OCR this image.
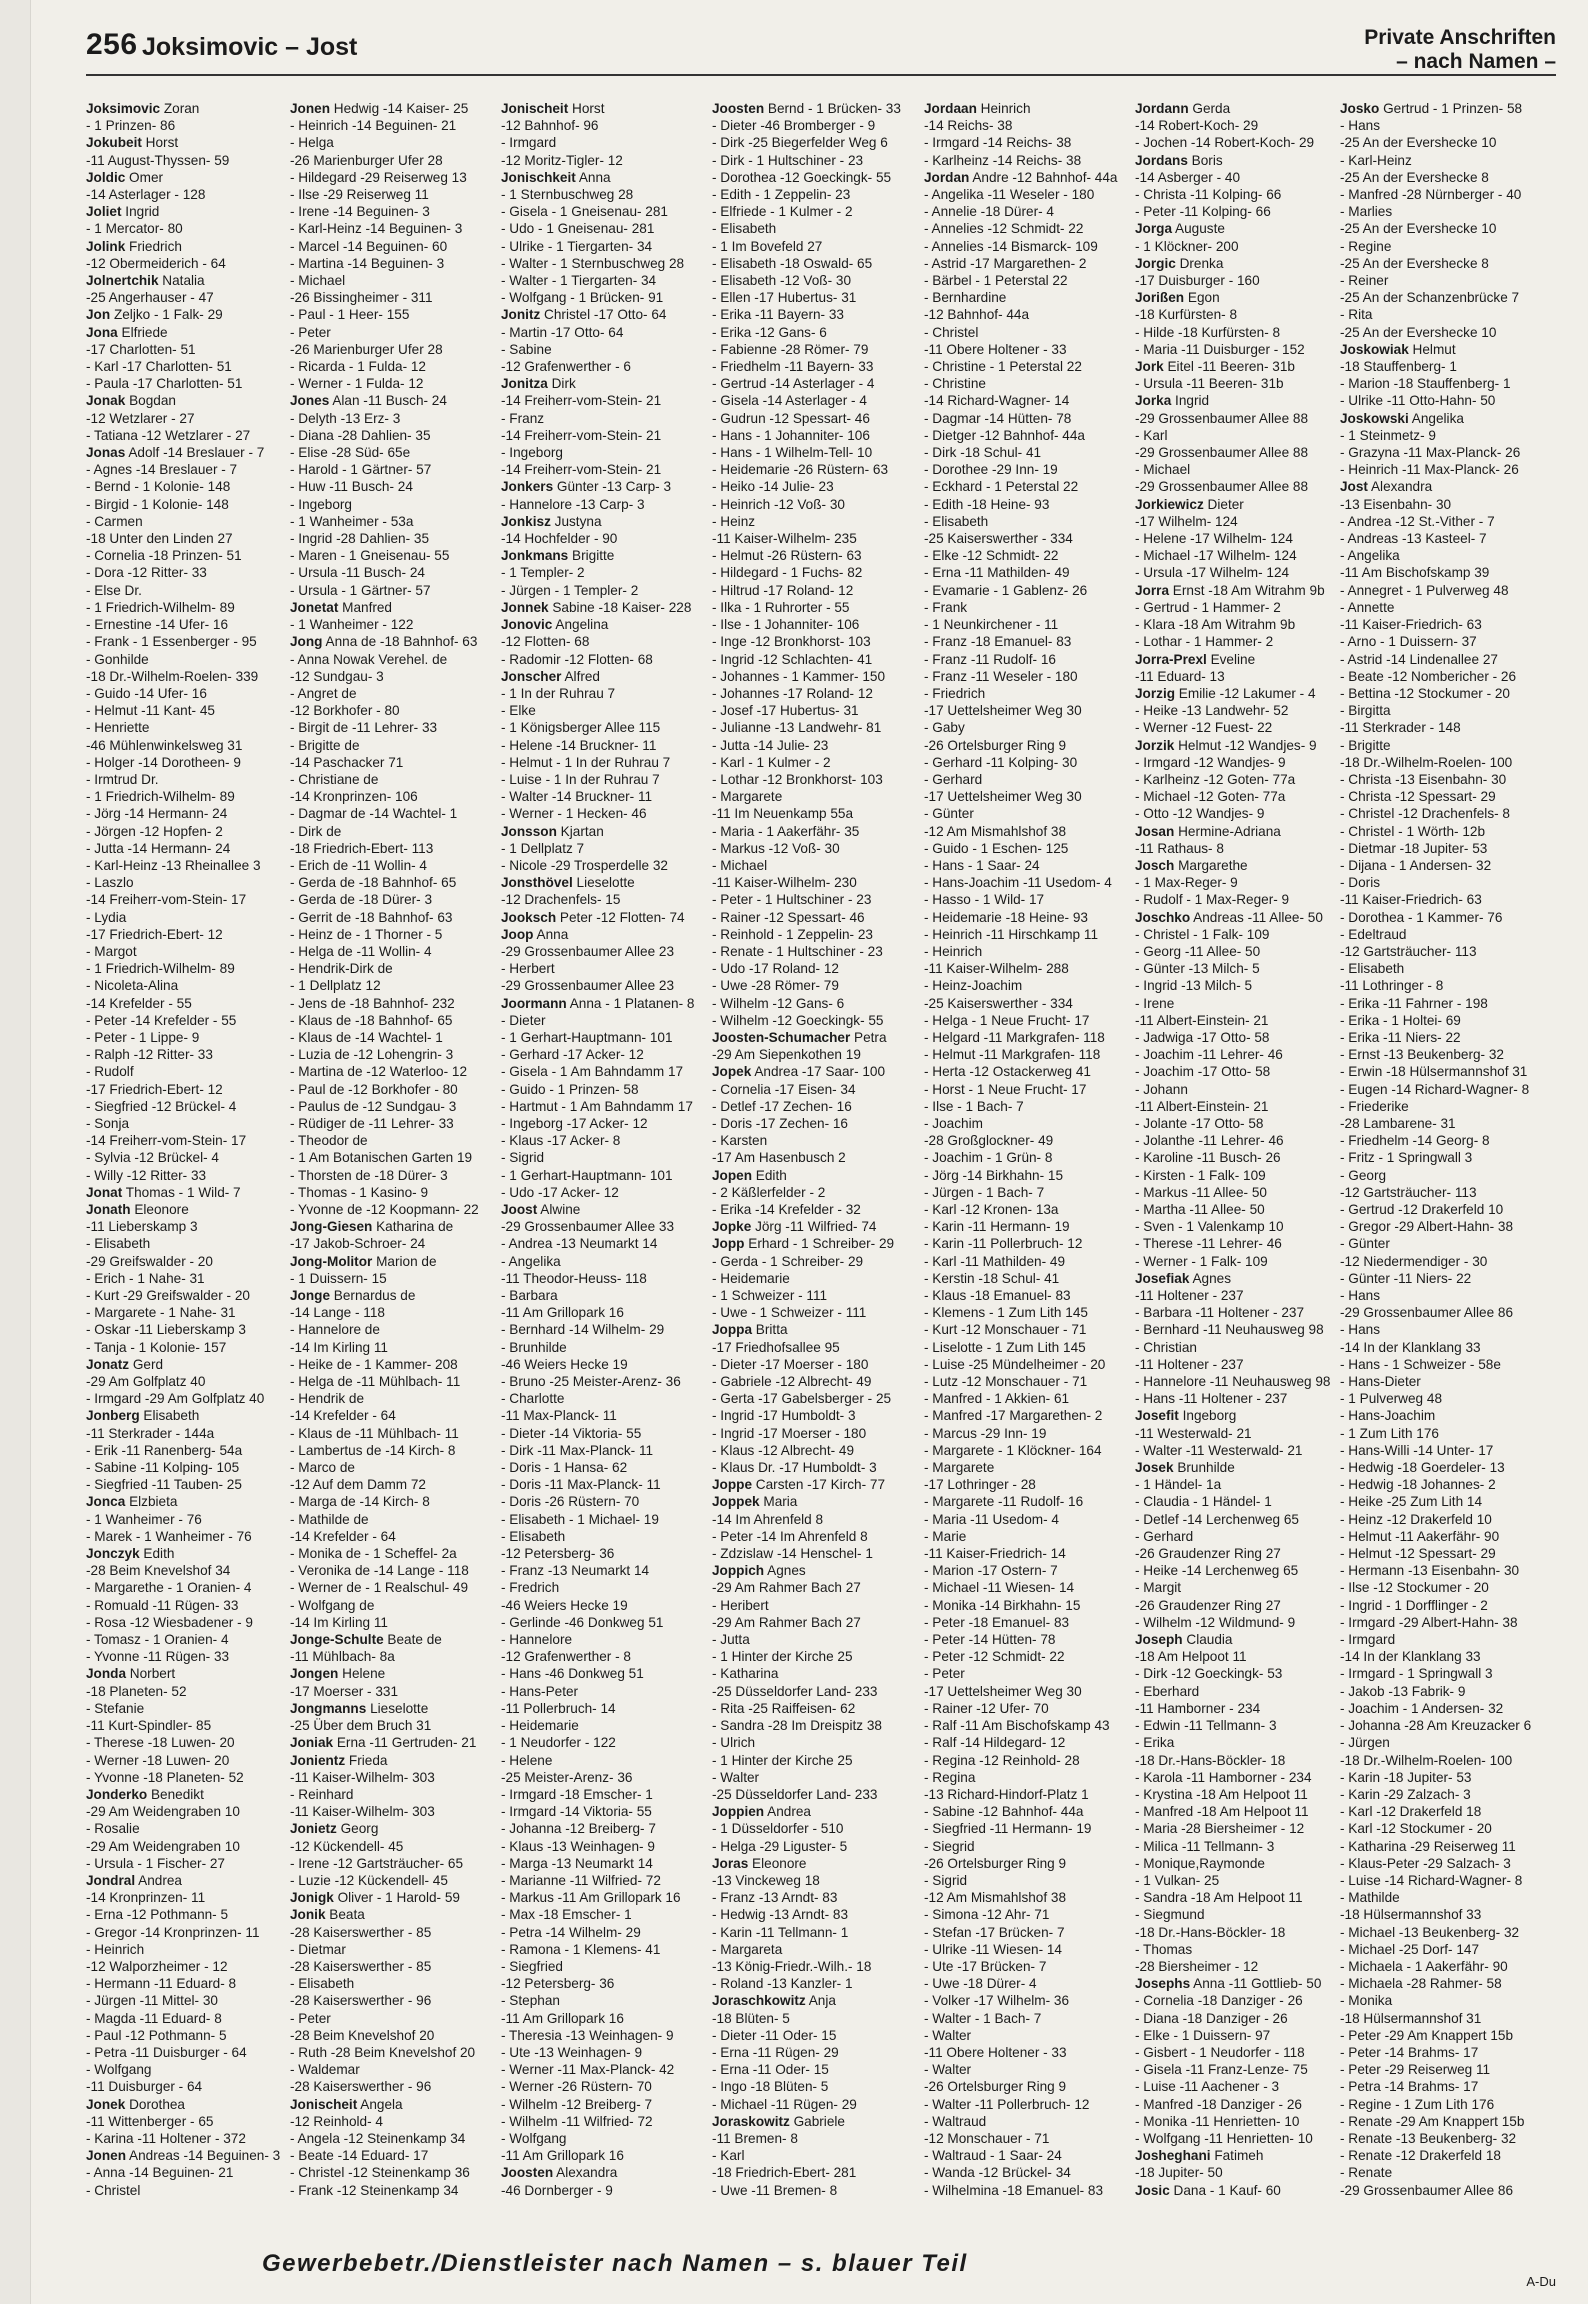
256 Joksimovic – Jost	Private Anschriften
– nach Namen –
Joksimovic Zoran
- 1 Prinzen- 86
Jokubeit Horst
-11 August-Thyssen- 59
Joldic Omer
-14 Asterlager - 128
Joliet Ingrid
- 1 Mercator- 80
Jolink Friedrich
-12 Obermeiderich - 64
Jolnertchik Natalia
-25 Angerhauser - 47
Jon Zeljko - 1 Falk- 29
Jona Elfriede
-17 Charlotten- 51
- Karl -17 Charlotten- 51
- Paula -17 Charlotten- 51
Jonak Bogdan
-12 Wetzlarer - 27
- Tatiana -12 Wetzlarer - 27
Jonas Adolf -14 Breslauer - 7
- Agnes -14 Breslauer - 7
- Bernd - 1 Kolonie- 148
- Birgid - 1 Kolonie- 148
- Carmen
-18 Unter den Linden 27
- Cornelia -18 Prinzen- 51
- Dora -12 Ritter- 33
- Else Dr.
- 1 Friedrich-Wilhelm- 89
- Ernestine -14 Ufer- 16
- Frank - 1 Essenberger - 95
- Gonhilde
-18 Dr.-Wilhelm-Roelen- 339
- Guido -14 Ufer- 16
- Helmut -11 Kant- 45
- Henriette
-46 Mühlenwinkelsweg 31
- Holger -14 Dorotheen- 9
- Irmtrud Dr.
- 1 Friedrich-Wilhelm- 89
- Jörg -14 Hermann- 24
- Jörgen -12 Hopfen- 2
- Jutta -14 Hermann- 24
- Karl-Heinz -13 Rheinallee 3
- Laszlo
-14 Freiherr-vom-Stein- 17
- Lydia
-17 Friedrich-Ebert- 12
- Margot
- 1 Friedrich-Wilhelm- 89
- Nicoleta-Alina
-14 Krefelder - 55
- Peter -14 Krefelder - 55
- Peter - 1 Lippe- 9
- Ralph -12 Ritter- 33
- Rudolf
-17 Friedrich-Ebert- 12
- Siegfried -12 Brückel- 4
- Sonja
-14 Freiherr-vom-Stein- 17
- Sylvia -12 Brückel- 4
- Willy -12 Ritter- 33
Jonat Thomas - 1 Wild- 7
Jonath Eleonore
-11 Lieberskamp 3
- Elisabeth
-29 Greifswalder - 20
- Erich - 1 Nahe- 31
- Kurt -29 Greifswalder - 20
- Margarete - 1 Nahe- 31
- Oskar -11 Lieberskamp 3
- Tanja - 1 Kolonie- 157
Jonatz Gerd
-29 Am Golfplatz 40
- Irmgard -29 Am Golfplatz 40
Jonberg Elisabeth
-11 Sterkrader - 144a
- Erik -11 Ranenberg- 54a
- Sabine -11 Kolping- 105
- Siegfried -11 Tauben- 25
Jonca Elzbieta
- 1 Wanheimer - 76
- Marek - 1 Wanheimer - 76
Jonczyk Edith
-28 Beim Knevelshof 34
- Margarethe - 1 Oranien- 4
- Romuald -11 Rügen- 33
- Rosa -12 Wiesbadener - 9
- Tomasz - 1 Oranien- 4
- Yvonne -11 Rügen- 33
Jonda Norbert
-18 Planeten- 52
- Stefanie
-11 Kurt-Spindler- 85
- Therese -18 Luwen- 20
- Werner -18 Luwen- 20
- Yvonne -18 Planeten- 52
Jonderko Benedikt
-29 Am Weidengraben 10
- Rosalie
-29 Am Weidengraben 10
- Ursula - 1 Fischer- 27
Jondral Andrea
-14 Kronprinzen- 11
- Erna -12 Pothmann- 5
- Gregor -14 Kronprinzen- 11
- Heinrich
-12 Walporzheimer - 12
- Hermann -11 Eduard- 8
- Jürgen -11 Mittel- 30
- Magda -11 Eduard- 8
- Paul -12 Pothmann- 5
- Petra -11 Duisburger - 64
- Wolfgang
-11 Duisburger - 64
Jonek Dorothea
-11 Wittenberger - 65
- Karina -11 Holtener - 372
Jonen Andreas -14 Beguinen- 3
- Anna -14 Beguinen- 21
- Christel
Jonen Hedwig -14 Kaiser- 25
- Heinrich -14 Beguinen- 21
- Helga
-26 Marienburger Ufer 28
- Hildegard -29 Reiserweg 13
- Ilse -29 Reiserweg 11
- Irene -14 Beguinen- 3
- Karl-Heinz -14 Beguinen- 3
- Marcel -14 Beguinen- 60
- Martina -14 Beguinen- 3
- Michael
-26 Bissingheimer - 311
- Paul - 1 Heer- 155
- Peter
-26 Marienburger Ufer 28
- Ricarda - 1 Fulda- 12
- Werner - 1 Fulda- 12
Jones Alan -11 Busch- 24
- Delyth -13 Erz- 3
- Diana -28 Dahlien- 35
- Elise -28 Süd- 65e
- Harold - 1 Gärtner- 57
- Huw -11 Busch- 24
- Ingeborg
- 1 Wanheimer - 53a
- Ingrid -28 Dahlien- 35
- Maren - 1 Gneisenau- 55
- Ursula -11 Busch- 24
- Ursula - 1 Gärtner- 57
Jonetat Manfred
- 1 Wanheimer - 122
Jong Anna de -18 Bahnhof- 63
- Anna Nowak Verehel. de
-12 Sundgau- 3
- Angret de
-12 Borkhofer - 80
- Birgit de -11 Lehrer- 33
- Brigitte de
-14 Paschacker 71
- Christiane de
-14 Kronprinzen- 106
- Dagmar de -14 Wachtel- 1
- Dirk de
-18 Friedrich-Ebert- 113
- Erich de -11 Wollin- 4
- Gerda de -18 Bahnhof- 65
- Gerda de -18 Dürer- 3
- Gerrit de -18 Bahnhof- 63
- Heinz de - 1 Thorner - 5
- Helga de -11 Wollin- 4
- Hendrik-Dirk de
- 1 Dellplatz 12
- Jens de -18 Bahnhof- 232
- Klaus de -18 Bahnhof- 65
- Klaus de -14 Wachtel- 1
- Luzia de -12 Lohengrin- 3
- Martina de -12 Waterloo- 12
- Paul de -12 Borkhofer - 80
- Paulus de -12 Sundgau- 3
- Rüdiger de -11 Lehrer- 33
- Theodor de
- 1 Am Botanischen Garten 19
- Thorsten de -18 Dürer- 3
- Thomas - 1 Kasino- 9
- Yvonne de -12 Koopmann- 22
Jong-Giesen Katharina de
-17 Jakob-Schroer- 24
Jong-Molitor Marion de
- 1 Duissern- 15
Jonge Bernardus de
-14 Lange - 118
- Hannelore de
-14 Im Kirling 11
- Heike de - 1 Kammer- 208
- Helga de -11 Mühlbach- 11
- Hendrik de
-14 Krefelder - 64
- Klaus de -11 Mühlbach- 11
- Lambertus de -14 Kirch- 8
- Marco de
-12 Auf dem Damm 72
- Marga de -14 Kirch- 8
- Mathilde de
-14 Krefelder - 64
- Monika de - 1 Scheffel- 2a
- Veronika de -14 Lange - 118
- Werner de - 1 Realschul- 49
- Wolfgang de
-14 Im Kirling 11
Jonge-Schulte Beate de
-11 Mühlbach- 8a
Jongen Helene
-17 Moerser - 331
Jongmanns Lieselotte
-25 Über dem Bruch 31
Joniak Erna -11 Gertruden- 21
Jonientz Frieda
-11 Kaiser-Wilhelm- 303
- Reinhard
-11 Kaiser-Wilhelm- 303
Jonietz Georg
-12 Kückendell- 45
- Irene -12 Gartsträucher- 65
- Luzie -12 Kückendell- 45
Jonigk Oliver - 1 Harold- 59
Jonik Beata
-28 Kaiserswerther - 85
- Dietmar
-28 Kaiserswerther - 85
- Elisabeth
-28 Kaiserswerther - 96
- Peter
-28 Beim Knevelshof 20
- Ruth -28 Beim Knevelshof 20
- Waldemar
-28 Kaiserswerther - 96
Jonischeit Angela
-12 Reinhold- 4
- Angela -12 Steinenkamp 34
- Beate -14 Eduard- 17
- Christel -12 Steinenkamp 36
- Frank -12 Steinenkamp 34
Jonischeit Horst
-12 Bahnhof- 96
- Irmgard
-12 Moritz-Tigler- 12
Jonischkeit Anna
- 1 Sternbuschweg 28
- Gisela - 1 Gneisenau- 281
- Udo - 1 Gneisenau- 281
- Ulrike - 1 Tiergarten- 34
- Walter - 1 Sternbuschweg 28
- Walter - 1 Tiergarten- 34
- Wolfgang - 1 Brücken- 91
Jonitz Christel -17 Otto- 64
- Martin -17 Otto- 64
- Sabine
-12 Grafenwerther - 6
Jonitza Dirk
-14 Freiherr-vom-Stein- 21
- Franz
-14 Freiherr-vom-Stein- 21
- Ingeborg
-14 Freiherr-vom-Stein- 21
Jonkers Günter -13 Carp- 3
- Hannelore -13 Carp- 3
Jonkisz Justyna
-14 Hochfelder - 90
Jonkmans Brigitte
- 1 Templer- 2
- Jürgen - 1 Templer- 2
Jonnek Sabine -18 Kaiser- 228
Jonovic Angelina
-12 Flotten- 68
- Radomir -12 Flotten- 68
Jonscher Alfred
- 1 In der Ruhrau 7
- Elke
- 1 Königsberger Allee 115
- Helene -14 Bruckner- 11
- Helmut - 1 In der Ruhrau 7
- Luise - 1 In der Ruhrau 7
- Walter -14 Bruckner- 11
- Werner - 1 Hecken- 46
Jonsson Kjartan
- 1 Dellplatz 7
- Nicole -29 Trosperdelle 32
Jonsthövel Lieselotte
-12 Drachenfels- 15
Jooksch Peter -12 Flotten- 74
Joop Anna
-29 Grossenbaumer Allee 23
- Herbert
-29 Grossenbaumer Allee 23
Joormann Anna - 1 Platanen- 8
- Dieter
- 1 Gerhart-Hauptmann- 101
- Gerhard -17 Acker- 12
- Gisela - 1 Am Bahndamm 17
- Guido - 1 Prinzen- 58
- Hartmut - 1 Am Bahndamm 17
- Ingeborg -17 Acker- 12
- Klaus -17 Acker- 8
- Sigrid
- 1 Gerhart-Hauptmann- 101
- Udo -17 Acker- 12
Joost Alwine
-29 Grossenbaumer Allee 33
- Andrea -13 Neumarkt 14
- Angelika
-11 Theodor-Heuss- 118
- Barbara
-11 Am Grillopark 16
- Bernhard -14 Wilhelm- 29
- Brunhilde
-46 Weiers Hecke 19
- Bruno -25 Meister-Arenz- 36
- Charlotte
-11 Max-Planck- 11
- Dieter -14 Viktoria- 55
- Dirk -11 Max-Planck- 11
- Doris - 1 Hansa- 62
- Doris -11 Max-Planck- 11
- Doris -26 Rüstern- 70
- Elisabeth - 1 Michael- 19
- Elisabeth
-12 Petersberg- 36
- Franz -13 Neumarkt 14
- Fredrich
-46 Weiers Hecke 19
- Gerlinde -46 Donkweg 51
- Hannelore
-12 Grafenwerther - 8
- Hans -46 Donkweg 51
- Hans-Peter
-11 Pollerbruch- 14
- Heidemarie
- 1 Neudorfer - 122
- Helene
-25 Meister-Arenz- 36
- Irmgard -18 Emscher- 1
- Irmgard -14 Viktoria- 55
- Johanna -12 Breiberg- 7
- Klaus -13 Weinhagen- 9
- Marga -13 Neumarkt 14
- Marianne -11 Wilfried- 72
- Markus -11 Am Grillopark 16
- Max -18 Emscher- 1
- Petra -14 Wilhelm- 29
- Ramona - 1 Klemens- 41
- Siegfried
-12 Petersberg- 36
- Stephan
-11 Am Grillopark 16
- Theresia -13 Weinhagen- 9
- Ute -13 Weinhagen- 9
- Werner -11 Max-Planck- 42
- Werner -26 Rüstern- 70
- Wilhelm -12 Breiberg- 7
- Wilhelm -11 Wilfried- 72
- Wolfgang
-11 Am Grillopark 16
Joosten Alexandra
-46 Dornberger - 9
Joosten Bernd - 1 Brücken- 33
- Dieter -46 Bromberger - 9
- Dirk -25 Biegerfelder Weg 6
- Dirk - 1 Hultschiner - 23
- Dorothea -12 Goeckingk- 55
- Edith - 1 Zeppelin- 23
- Elfriede - 1 Kulmer - 2
- Elisabeth
- 1 Im Bovefeld 27
- Elisabeth -18 Oswald- 65
- Elisabeth -12 Voß- 30
- Ellen -17 Hubertus- 31
- Erika -11 Bayern- 33
- Erika -12 Gans- 6
- Fabienne -28 Römer- 79
- Friedhelm -11 Bayern- 33
- Gertrud -14 Asterlager - 4
- Gisela -14 Asterlager - 4
- Gudrun -12 Spessart- 46
- Hans - 1 Johanniter- 106
- Hans - 1 Wilhelm-Tell- 10
- Heidemarie -26 Rüstern- 63
- Heiko -14 Julie- 23
- Heinrich -12 Voß- 30
- Heinz
-11 Kaiser-Wilhelm- 235
- Helmut -26 Rüstern- 63
- Hildegard - 1 Fuchs- 82
- Hiltrud -17 Roland- 12
- Ilka - 1 Ruhrorter - 55
- Ilse - 1 Johanniter- 106
- Inge -12 Bronkhorst- 103
- Ingrid -12 Schlachten- 41
- Johannes - 1 Kammer- 150
- Johannes -17 Roland- 12
- Josef -17 Hubertus- 31
- Julianne -13 Landwehr- 81
- Jutta -14 Julie- 23
- Karl - 1 Kulmer - 2
- Lothar -12 Bronkhorst- 103
- Margarete
-11 Im Neuenkamp 55a
- Maria - 1 Aakerfähr- 35
- Markus -12 Voß- 30
- Michael
-11 Kaiser-Wilhelm- 230
- Peter - 1 Hultschiner - 23
- Rainer -12 Spessart- 46
- Reinhold - 1 Zeppelin- 23
- Renate - 1 Hultschiner - 23
- Udo -17 Roland- 12
- Uwe -28 Römer- 79
- Wilhelm -12 Gans- 6
- Wilhelm -12 Goeckingk- 55
Joosten-Schumacher Petra
-29 Am Siepenkothen 19
Jopek Andrea -17 Saar- 100
- Cornelia -17 Eisen- 34
- Detlef -17 Zechen- 16
- Doris -17 Zechen- 16
- Karsten
-17 Am Hasenbusch 2
Jopen Edith
- 2 Käßlerfelder - 2
- Erika -14 Krefelder - 32
Jopke Jörg -11 Wilfried- 74
Jopp Erhard - 1 Schreiber- 29
- Gerda - 1 Schreiber- 29
- Heidemarie
- 1 Schweizer - 111
- Uwe - 1 Schweizer - 111
Joppa Britta
-17 Friedhofsallee 95
- Dieter -17 Moerser - 180
- Gabriele -12 Albrecht- 49
- Gerta -17 Gabelsberger - 25
- Ingrid -17 Humboldt- 3
- Ingrid -17 Moerser - 180
- Klaus -12 Albrecht- 49
- Klaus Dr. -17 Humboldt- 3
Joppe Carsten -17 Kirch- 77
Joppek Maria
-14 Im Ahrenfeld 8
- Peter -14 Im Ahrenfeld 8
- Zdzislaw -14 Henschel- 1
Joppich Agnes
-29 Am Rahmer Bach 27
- Heribert
-29 Am Rahmer Bach 27
- Jutta
- 1 Hinter der Kirche 25
- Katharina
-25 Düsseldorfer Land- 233
- Rita -25 Raiffeisen- 62
- Sandra -28 Im Dreispitz 38
- Ulrich
- 1 Hinter der Kirche 25
- Walter
-25 Düsseldorfer Land- 233
Joppien Andrea
- 1 Düsseldorfer - 510
- Helga -29 Liguster- 5
Joras Eleonore
-13 Vinckeweg 18
- Franz -13 Arndt- 83
- Hedwig -13 Arndt- 83
- Karin -11 Tellmann- 1
- Margareta
-13 König-Friedr.-Wilh.- 18
- Roland -13 Kanzler- 1
Joraschkowitz Anja
-18 Blüten- 5
- Dieter -11 Oder- 15
- Erna -11 Rügen- 29
- Erna -11 Oder- 15
- Ingo -18 Blüten- 5
- Michael -11 Rügen- 29
Joraskowitz Gabriele
-11 Bremen- 8
- Karl
-18 Friedrich-Ebert- 281
- Uwe -11 Bremen- 8
Jordaan Heinrich
-14 Reichs- 38
- Irmgard -14 Reichs- 38
- Karlheinz -14 Reichs- 38
Jordan Andre -12 Bahnhof- 44a
- Angelika -11 Weseler - 180
- Annelie -18 Dürer- 4
- Annelies -12 Schmidt- 22
- Annelies -14 Bismarck- 109
- Astrid -17 Margarethen- 2
- Bärbel - 1 Peterstal 22
- Bernhardine
-12 Bahnhof- 44a
- Christel
-11 Obere Holtener - 33
- Christine - 1 Peterstal 22
- Christine
-14 Richard-Wagner- 14
- Dagmar -14 Hütten- 78
- Dietger -12 Bahnhof- 44a
- Dirk -18 Schul- 41
- Dorothee -29 Inn- 19
- Eckhard - 1 Peterstal 22
- Edith -18 Heine- 93
- Elisabeth
-25 Kaiserswerther - 334
- Elke -12 Schmidt- 22
- Erna -11 Mathilden- 49
- Evamarie - 1 Gablenz- 26
- Frank
- 1 Neunkirchener - 11
- Franz -18 Emanuel- 83
- Franz -11 Rudolf- 16
- Franz -11 Weseler - 180
- Friedrich
-17 Uettelsheimer Weg 30
- Gaby
-26 Ortelsburger Ring 9
- Gerhard -11 Kolping- 30
- Gerhard
-17 Uettelsheimer Weg 30
- Günter
-12 Am Mismahlshof 38
- Guido - 1 Eschen- 125
- Hans - 1 Saar- 24
- Hans-Joachim -11 Usedom- 4
- Hasso - 1 Wild- 17
- Heidemarie -18 Heine- 93
- Heinrich -11 Hirschkamp 11
- Heinrich
-11 Kaiser-Wilhelm- 288
- Heinz-Joachim
-25 Kaiserswerther - 334
- Helga - 1 Neue Frucht- 17
- Helgard -11 Markgrafen- 118
- Helmut -11 Markgrafen- 118
- Herta -12 Ostackerweg 41
- Horst - 1 Neue Frucht- 17
- Ilse - 1 Bach- 7
- Joachim
-28 Großglockner- 49
- Joachim - 1 Grün- 8
- Jörg -14 Birkhahn- 15
- Jürgen - 1 Bach- 7
- Karl -12 Kronen- 13a
- Karin -11 Hermann- 19
- Karin -11 Pollerbruch- 12
- Karl -11 Mathilden- 49
- Kerstin -18 Schul- 41
- Klaus -18 Emanuel- 83
- Klemens - 1 Zum Lith 145
- Kurt -12 Monschauer - 71
- Liselotte - 1 Zum Lith 145
- Luise -25 Mündelheimer - 20
- Lutz -12 Monschauer - 71
- Manfred - 1 Akkien- 61
- Manfred -17 Margarethen- 2
- Marcus -29 Inn- 19
- Margarete - 1 Klöckner- 164
- Margarete
-17 Lothringer - 28
- Margarete -11 Rudolf- 16
- Maria -11 Usedom- 4
- Marie
-11 Kaiser-Friedrich- 14
- Marion -17 Ostern- 7
- Michael -11 Wiesen- 14
- Monika -14 Birkhahn- 15
- Peter -18 Emanuel- 83
- Peter -14 Hütten- 78
- Peter -12 Schmidt- 22
- Peter
-17 Uettelsheimer Weg 30
- Rainer -12 Ufer- 70
- Ralf -11 Am Bischofskamp 43
- Ralf -14 Hildegard- 12
- Regina -12 Reinhold- 28
- Regina
-13 Richard-Hindorf-Platz 1
- Sabine -12 Bahnhof- 44a
- Siegfried -11 Hermann- 19
- Siegrid
-26 Ortelsburger Ring 9
- Sigrid
-12 Am Mismahlshof 38
- Simona -12 Ahr- 71
- Stefan -17 Brücken- 7
- Ulrike -11 Wiesen- 14
- Ute -17 Brücken- 7
- Uwe -18 Dürer- 4
- Volker -17 Wilhelm- 36
- Walter - 1 Bach- 7
- Walter
-11 Obere Holtener - 33
- Walter
-26 Ortelsburger Ring 9
- Walter -11 Pollerbruch- 12
- Waltraud
-12 Monschauer - 71
- Waltraud - 1 Saar- 24
- Wanda -12 Brückel- 34
- Wilhelmina -18 Emanuel- 83
Jordann Gerda
-14 Robert-Koch- 29
- Jochen -14 Robert-Koch- 29
Jordans Boris
-14 Asberger - 40
- Christa -11 Kolping- 66
- Peter -11 Kolping- 66
Jorga Auguste
- 1 Klöckner- 200
Jorgic Drenka
-17 Duisburger - 160
Jorißen Egon
-18 Kurfürsten- 8
- Hilde -18 Kurfürsten- 8
- Maria -11 Duisburger - 152
Jork Eitel -11 Beeren- 31b
- Ursula -11 Beeren- 31b
Jorka Ingrid
-29 Grossenbaumer Allee 88
- Karl
-29 Grossenbaumer Allee 88
- Michael
-29 Grossenbaumer Allee 88
Jorkiewicz Dieter
-17 Wilhelm- 124
- Helene -17 Wilhelm- 124
- Michael -17 Wilhelm- 124
- Ursula -17 Wilhelm- 124
Jorra Ernst -18 Am Witrahm 9b
- Gertrud - 1 Hammer- 2
- Klara -18 Am Witrahm 9b
- Lothar - 1 Hammer- 2
Jorra-Prexl Eveline
-11 Eduard- 13
Jorzig Emilie -12 Lakumer - 4
- Heike -13 Landwehr- 52
- Werner -12 Fuest- 22
Jorzik Helmut -12 Wandjes- 9
- Irmgard -12 Wandjes- 9
- Karlheinz -12 Goten- 77a
- Michael -12 Goten- 77a
- Otto -12 Wandjes- 9
Josan Hermine-Adriana
-11 Rathaus- 8
Josch Margarethe
- 1 Max-Reger- 9
- Rudolf - 1 Max-Reger- 9
Joschko Andreas -11 Allee- 50
- Christel - 1 Falk- 109
- Georg -11 Allee- 50
- Günter -13 Milch- 5
- Ingrid -13 Milch- 5
- Irene
-11 Albert-Einstein- 21
- Jadwiga -17 Otto- 58
- Joachim -11 Lehrer- 46
- Joachim -17 Otto- 58
- Johann
-11 Albert-Einstein- 21
- Jolante -17 Otto- 58
- Jolanthe -11 Lehrer- 46
- Karoline -11 Busch- 26
- Kirsten - 1 Falk- 109
- Markus -11 Allee- 50
- Martha -11 Allee- 50
- Sven - 1 Valenkamp 10
- Therese -11 Lehrer- 46
- Werner - 1 Falk- 109
Josefiak Agnes
-11 Holtener - 237
- Barbara -11 Holtener - 237
- Bernhard -11 Neuhausweg 98
- Christian
-11 Holtener - 237
- Hannelore -11 Neuhausweg 98
- Hans -11 Holtener - 237
Josefit Ingeborg
-11 Westerwald- 21
- Walter -11 Westerwald- 21
Josek Brunhilde
- 1 Händel- 1a
- Claudia - 1 Händel- 1
- Detlef -14 Lerchenweg 65
- Gerhard
-26 Graudenzer Ring 27
- Heike -14 Lerchenweg 65
- Margit
-26 Graudenzer Ring 27
- Wilhelm -12 Wildmund- 9
Joseph Claudia
-18 Am Helpoot 11
- Dirk -12 Goeckingk- 53
- Eberhard
-11 Hamborner - 234
- Edwin -11 Tellmann- 3
- Erika
-18 Dr.-Hans-Böckler- 18
- Karola -11 Hamborner - 234
- Krystina -18 Am Helpoot 11
- Manfred -18 Am Helpoot 11
- Maria -28 Biersheimer - 12
- Milica -11 Tellmann- 3
- Monique,Raymonde
- 1 Vulkan- 25
- Sandra -18 Am Helpoot 11
- Siegmund
-18 Dr.-Hans-Böckler- 18
- Thomas
-28 Biersheimer - 12
Josephs Anna -11 Gottlieb- 50
- Cornelia -18 Danziger - 26
- Diana -18 Danziger - 26
- Elke - 1 Duissern- 97
- Gisbert - 1 Neudorfer - 118
- Gisela -11 Franz-Lenze- 75
- Luise -11 Aachener - 3
- Manfred -18 Danziger - 26
- Monika -11 Henrietten- 10
- Wolfgang -11 Henrietten- 10
Josheghani Fatimeh
-18 Jupiter- 50
Josic Dana - 1 Kauf- 60
Josko Gertrud - 1 Prinzen- 58
- Hans
-25 An der Evershecke 10
- Karl-Heinz
-25 An der Evershecke 8
- Manfred -28 Nürnberger - 40
- Marlies
-25 An der Evershecke 10
- Regine
-25 An der Evershecke 8
- Reiner
-25 An der Schanzenbrücke 7
- Rita
-25 An der Evershecke 10
Joskowiak Helmut
-18 Stauffenberg- 1
- Marion -18 Stauffenberg- 1
- Ulrike -11 Otto-Hahn- 50
Joskowski Angelika
- 1 Steinmetz- 9
- Grazyna -11 Max-Planck- 26
- Heinrich -11 Max-Planck- 26
Jost Alexandra
-13 Eisenbahn- 30
- Andrea -12 St.-Vither - 7
- Andreas -13 Kasteel- 7
- Angelika
-11 Am Bischofskamp 39
- Annegret - 1 Pulverweg 48
- Annette
-11 Kaiser-Friedrich- 63
- Arno - 1 Duissern- 37
- Astrid -14 Lindenallee 27
- Beate -12 Nombericher - 26
- Bettina -12 Stockumer - 20
- Birgitta
-11 Sterkrader - 148
- Brigitte
-18 Dr.-Wilhelm-Roelen- 100
- Christa -13 Eisenbahn- 30
- Christa -12 Spessart- 29
- Christel -12 Drachenfels- 8
- Christel - 1 Wörth- 12b
- Dietmar -18 Jupiter- 53
- Dijana - 1 Andersen- 32
- Doris
-11 Kaiser-Friedrich- 63
- Dorothea - 1 Kammer- 76
- Edeltraud
-12 Gartsträucher- 113
- Elisabeth
-11 Lothringer - 8
- Erika -11 Fahrner - 198
- Erika - 1 Holtei- 69
- Erika -11 Niers- 22
- Ernst -13 Beukenberg- 32
- Erwin -18 Hülsermannshof 31
- Eugen -14 Richard-Wagner- 8
- Friederike
-28 Lambarene- 31
- Friedhelm -14 Georg- 8
- Fritz - 1 Springwall 3
- Georg
-12 Gartsträucher- 113
- Gertrud -12 Drakerfeld 10
- Gregor -29 Albert-Hahn- 38
- Günter
-12 Niedermendiger - 30
- Günter -11 Niers- 22
- Hans
-29 Grossenbaumer Allee 86
- Hans
-14 In der Klanklang 33
- Hans - 1 Schweizer - 58e
- Hans-Dieter
- 1 Pulverweg 48
- Hans-Joachim
- 1 Zum Lith 176
- Hans-Willi -14 Unter- 17
- Hedwig -18 Goerdeler- 13
- Hedwig -18 Johannes- 2
- Heike -25 Zum Lith 14
- Heinz -12 Drakerfeld 10
- Helmut -11 Aakerfähr- 90
- Helmut -12 Spessart- 29
- Hermann -13 Eisenbahn- 30
- Ilse -12 Stockumer - 20
- Ingrid - 1 Dorfflinger - 2
- Irmgard -29 Albert-Hahn- 38
- Irmgard
-14 In der Klanklang 33
- Irmgard - 1 Springwall 3
- Jakob -13 Fabrik- 9
- Joachim - 1 Andersen- 32
- Johanna -28 Am Kreuzacker 6
- Jürgen
-18 Dr.-Wilhelm-Roelen- 100
- Karin -18 Jupiter- 53
- Karin -29 Zalzach- 3
- Karl -12 Drakerfeld 18
- Karl -12 Stockumer - 20
- Katharina -29 Reiserweg 11
- Klaus-Peter -29 Salzach- 3
- Luise -14 Richard-Wagner- 8
- Mathilde
-18 Hülsermannshof 33
- Michael -13 Beukenberg- 32
- Michael -25 Dorf- 147
- Michaela - 1 Aakerfähr- 90
- Michaela -28 Rahmer- 58
- Monika
-18 Hülsermannshof 31
- Peter -29 Am Knappert 15b
- Peter -14 Brahms- 17
- Peter -29 Reiserweg 11
- Petra -14 Brahms- 17
- Regine - 1 Zum Lith 176
- Renate -29 Am Knappert 15b
- Renate -13 Beukenberg- 32
- Renate -12 Drakerfeld 18
- Renate
-29 Grossenbaumer Allee 86
Gewerbebetr./Dienstleister nach Namen – s. blauer Teil
A-Du
